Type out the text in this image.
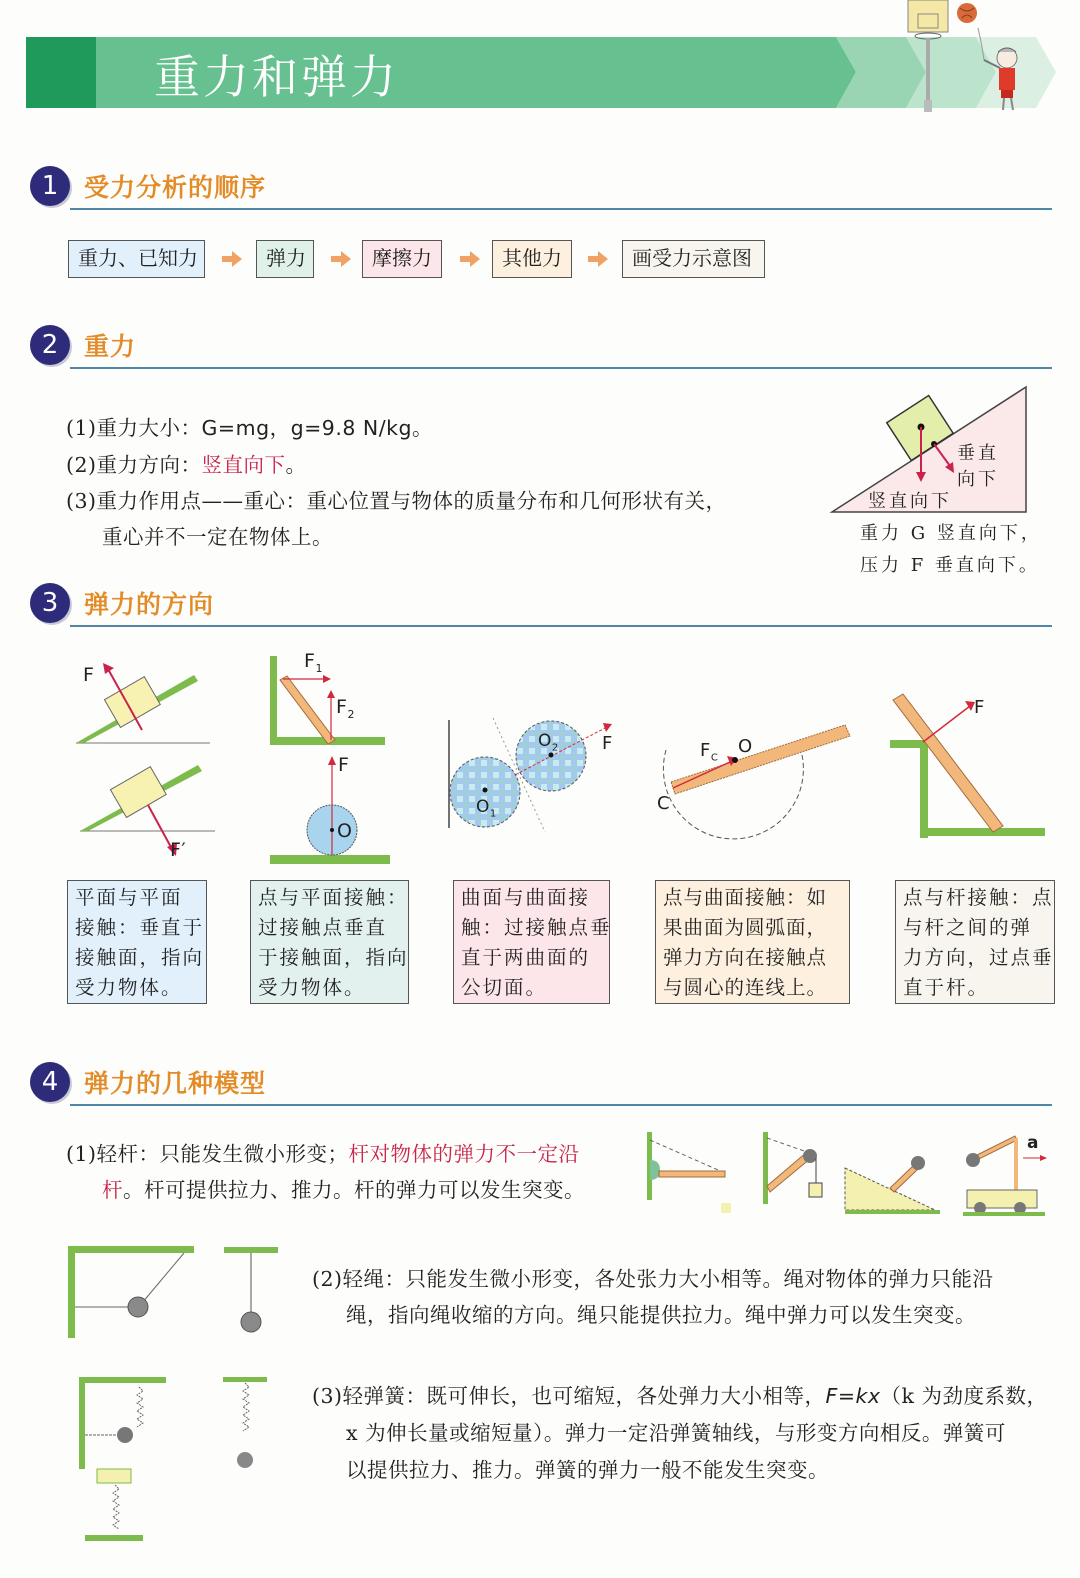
重力和弹力
1	受力分析的顺序
重力、已知力	弹力	摩擦力	其他力	画受力示意图
2	重力
(1)重力大小：G=mg，g=9.8 N/kg。
(2)重力方向：竖直向下。
(3)重力作用点——重心：重心位置与物体的质量分布和几何形状有关，
重心并不一定在物体上。
垂直
向下
竖直向下
重力 G 竖直向下，
压力 F 垂直向下。
3	弹力的方向
F
F′
$F_1$
$F_2$
F
O
$O_1$
$O_2$ F	$F_C$
O
C
F
平面与平面
接触：垂直于
接触面，指向
受力物体。
点与平面接触：
过接触点垂直
于接触面，指向
受力物体。
曲面与曲面接
触：过接触点垂
直于两曲面的
公切面。
点与曲面接触：如
果曲面为圆弧面，
弹力方向在接触点
与圆心的连线上。
点与杆接触：点
与杆之间的弹
力方向，过点垂
直于杆。
4	弹力的几种模型
(1)轻杆：只能发生微小形变；杆对物体的弹力不一定沿
杆。杆可提供拉力、推力。杆的弹力可以发生突变。
a
(2)轻绳：只能发生微小形变，各处张力大小相等。绳对物体的弹力只能沿
绳，指向绳收缩的方向。绳只能提供拉力。绳中弹力可以发生突变。
(3)轻弹簧：既可伸长，也可缩短，各处弹力大小相等，F=kx（k 为劲度系数，
x 为伸长量或缩短量）。弹力一定沿弹簧轴线，与形变方向相反。弹簧可
以提供拉力、推力。弹簧的弹力一般不能发生突变。
